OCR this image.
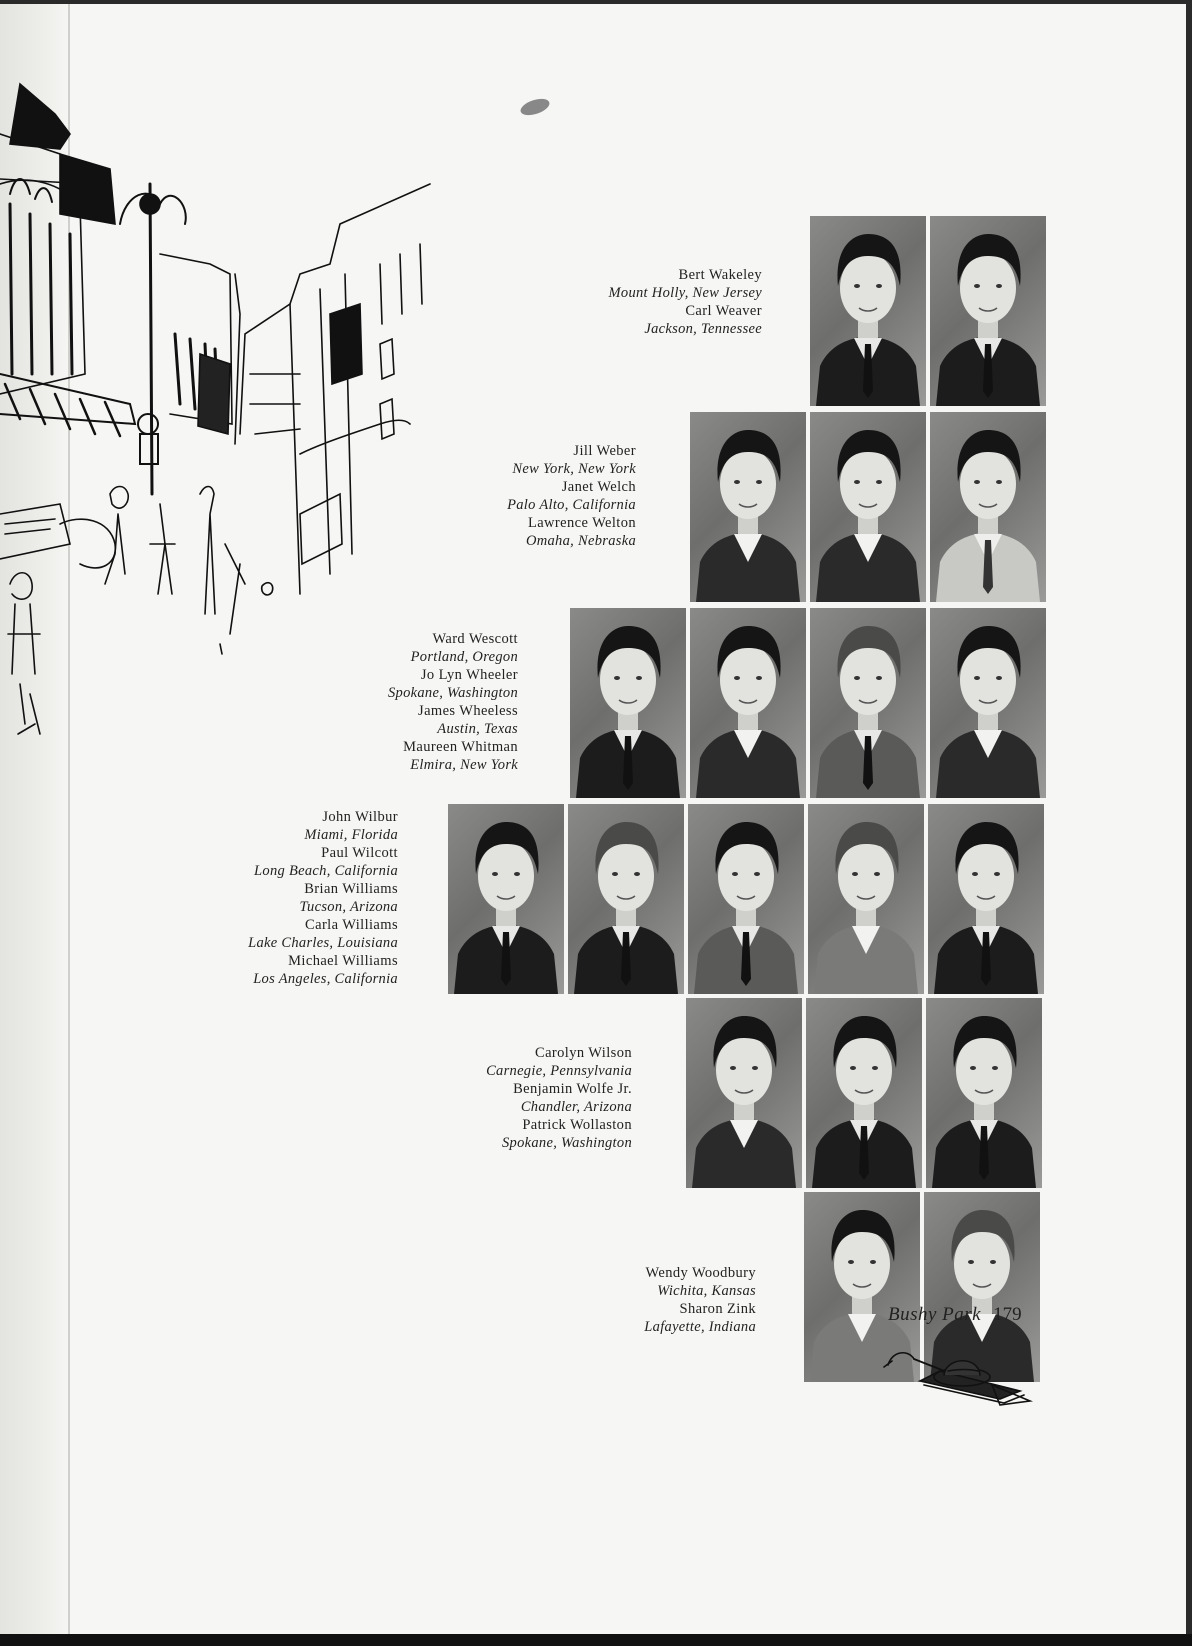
Bert Wakeley
Mount Holly, New Jersey
Carl Weaver
Jackson, Tennessee
Jill Weber
New York, New York
Janet Welch
Palo Alto, California
Lawrence Welton
Omaha, Nebraska
Ward Wescott
Portland, Oregon
Jo Lyn Wheeler
Spokane, Washington
James Wheeless
Austin, Texas
Maureen Whitman
Elmira, New York
John Wilbur
Miami, Florida
Paul Wilcott
Long Beach, California
Brian Williams
Tucson, Arizona
Carla Williams
Lake Charles, Louisiana
Michael Williams
Los Angeles, California
Carolyn Wilson
Carnegie, Pennsylvania
Benjamin Wolfe Jr.
Chandler, Arizona
Patrick Wollaston
Spokane, Washington
Wendy Woodbury
Wichita, Kansas
Sharon Zink
Lafayette, Indiana
Bushy Park 179
